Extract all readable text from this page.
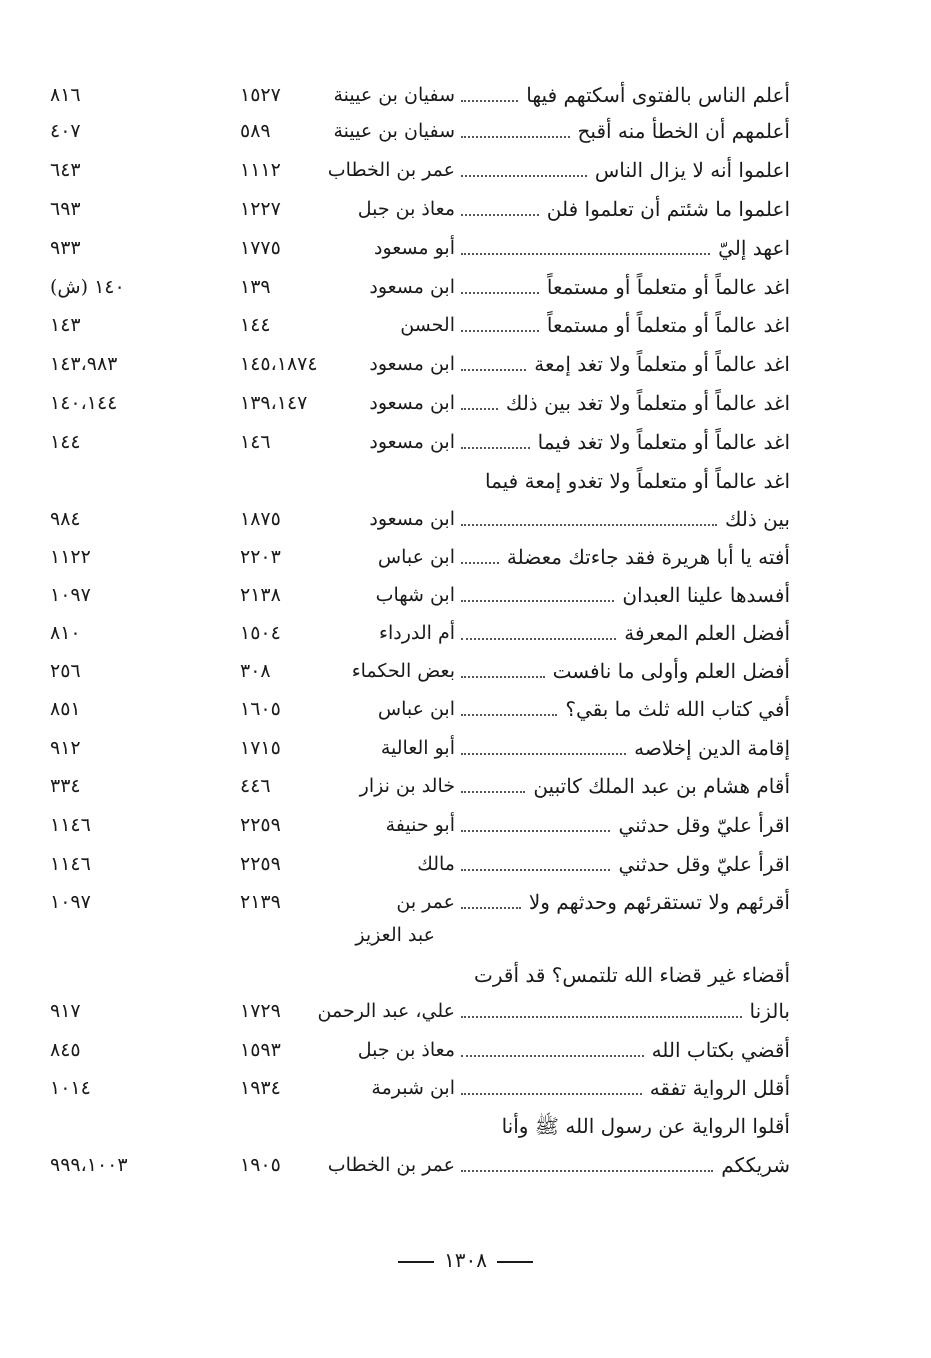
أعلم الناس بالفتوى أسكتهم فيها
سفيان بن عيينة
١٥٢٧
٨١٦
أعلمهم أن الخطأ منه أقبح
سفيان بن عيينة
٥٨٩
٤٠٧
اعلموا أنه لا يزال الناس
عمر بن الخطاب
١١١٢
٦٤٣
اعلموا ما شئتم أن تعلموا فلن
معاذ بن جبل
١٢٢٧
٦٩٣
اعهد إليّ
أبو مسعود
١٧٧٥
٩٣٣
اغد عالماً أو متعلماً أو مستمعاً
ابن مسعود
١٣٩
١٤٠ (ش)
اغد عالماً أو متعلماً أو مستمعاً
الحسن
١٤٤
١٤٣
اغد عالماً أو متعلماً ولا تغد إمعة
ابن مسعود
١٤٥،١٨٧٤
١٤٣،٩٨٣
اغد عالماً أو متعلماً ولا تغد بين ذلك
ابن مسعود
١٣٩،١٤٧
١٤٠،١٤٤
اغد عالماً أو متعلماً ولا تغد فيما
ابن مسعود
١٤٦
١٤٤
اغد عالماً أو متعلماً ولا تغدو إمعة فيما
بين ذلك
ابن مسعود
١٨٧٥
٩٨٤
أفته يا أبا هريرة فقد جاءتك معضلة
ابن عباس
٢٢٠٣
١١٢٢
أفسدها علينا العبدان
ابن شهاب
٢١٣٨
١٠٩٧
أفضل العلم المعرفة
أم الدرداء
١٥٠٤
٨١٠
أفضل العلم وأولى ما نافست
بعض الحكماء
٣٠٨
٢٥٦
أفي كتاب الله ثلث ما بقي؟
ابن عباس
١٦٠٥
٨٥١
إقامة الدين إخلاصه
أبو العالية
١٧١٥
٩١٢
أقام هشام بن عبد الملك كاتبين
خالد بن نزار
٤٤٦
٣٣٤
اقرأ عليّ وقل حدثني
أبو حنيفة
٢٢٥٩
١١٤٦
اقرأ عليّ وقل حدثني
مالك
٢٢٥٩
١١٤٦
أقرئهم ولا تستقرئهم وحدثهم ولا
عمر بن
٢١٣٩
١٠٩٧
عبد العزيز
أقضاء غير قضاء الله تلتمس؟ قد أقرت
بالزنا
علي، عبد الرحمن
١٧٢٩
٩١٧
أقضي بكتاب الله
معاذ بن جبل
١٥٩٣
٨٤٥
أقلل الرواية تفقه
ابن شبرمة
١٩٣٤
١٠١٤
أقلوا الرواية عن رسول الله ﷺ وأنا
شريككم
عمر بن الخطاب
١٩٠٥
٩٩٩،١٠٠٣
١٣٠٨
